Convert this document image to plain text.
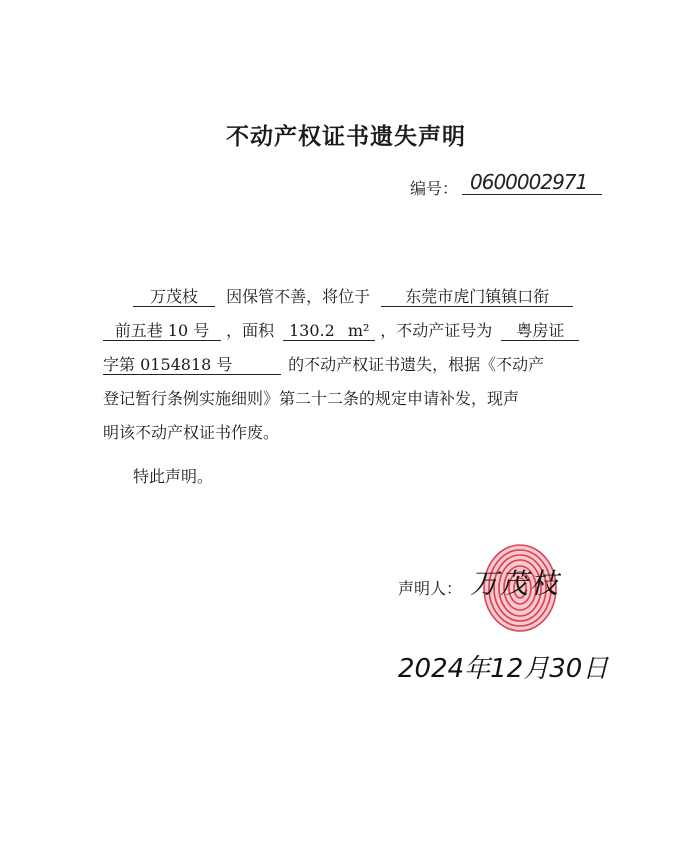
不动产权证书遗失声明
编号： 0600002971
万茂枝 因保管不善，将位于 东莞市虎门镇镇口衔
前五巷 10 号 ，面积 130.2 m² ，不动产证号为 粤房证
字第 0154818 号	的不动产权证书遗失，根据《不动产
登记暂行条例实施细则》第二十二条的规定申请补发，现声
明该不动产权证书作废。
特此声明。
声明人： 万茂枝
2024年12月30日
